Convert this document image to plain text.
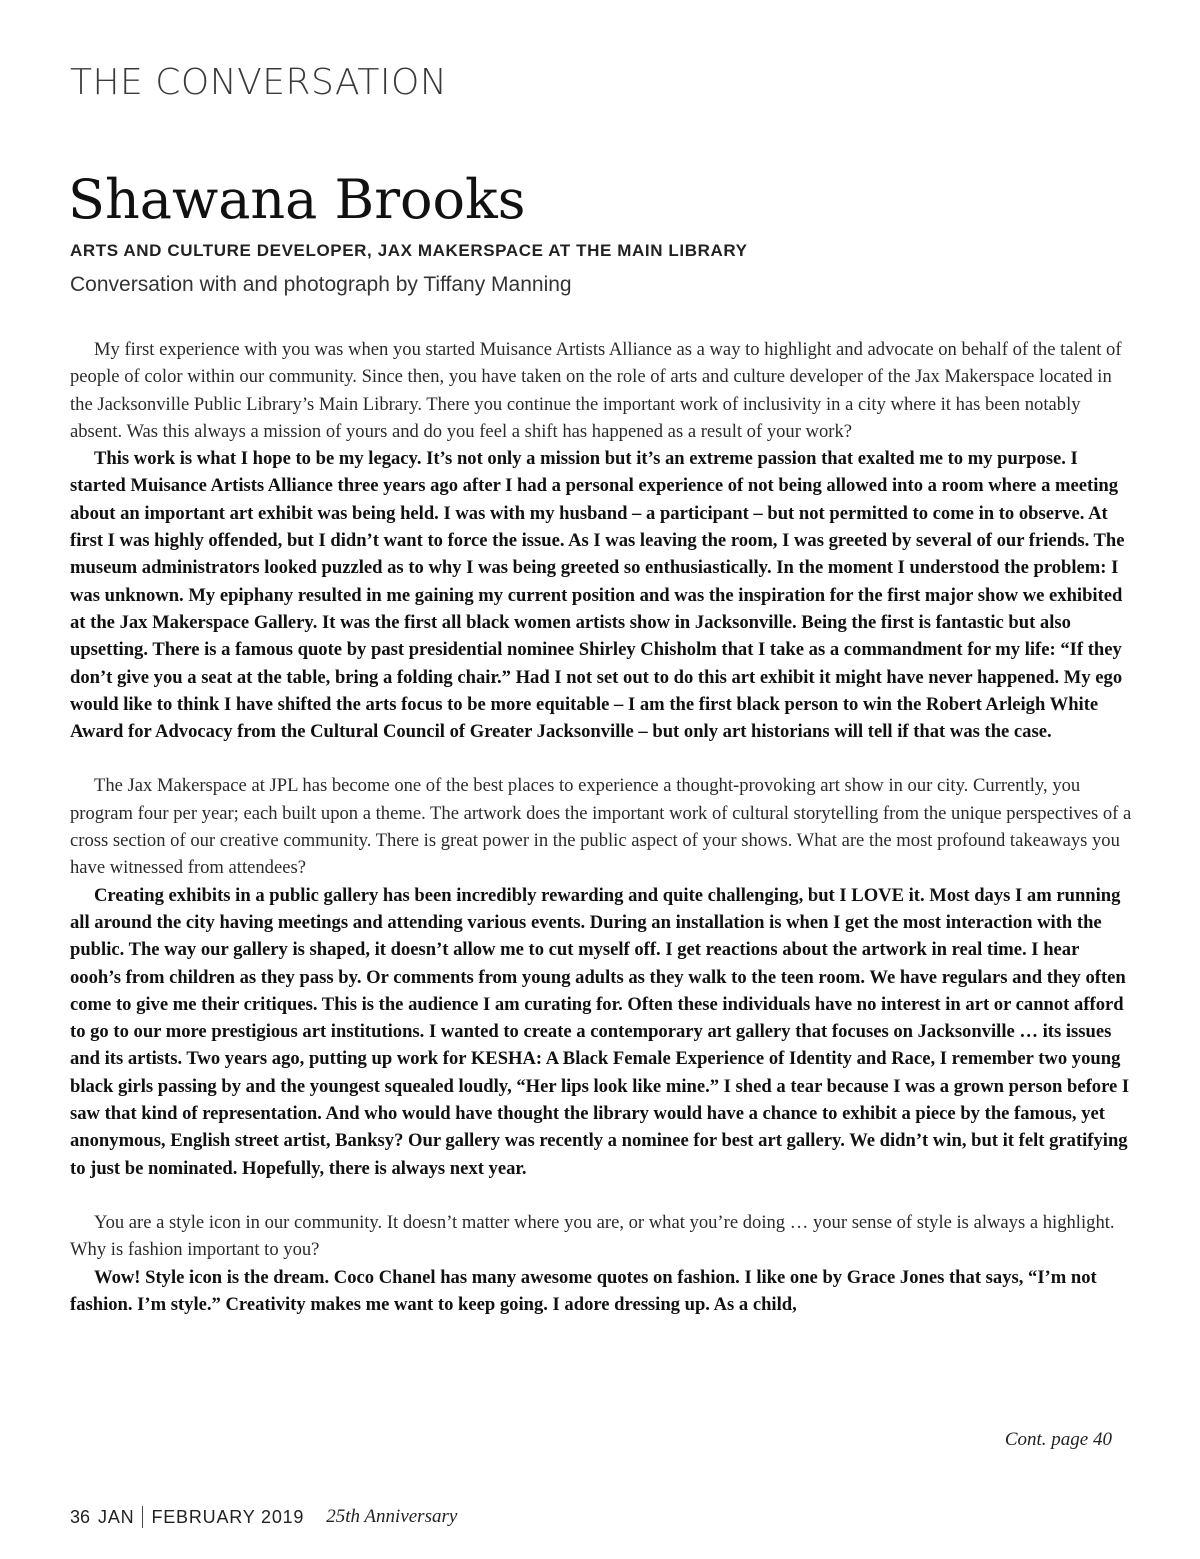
THE CONVERSATION
Shawana Brooks
ARTS AND CULTURE DEVELOPER, JAX MAKERSPACE AT THE MAIN LIBRARY
Conversation with and photograph by Tiffany Manning

My first experience with you was when you started Muisance Artists Alliance as a way to highlight and advocate on behalf of the talent of people of color within our community. Since then, you have taken on the role of arts and culture developer of the Jax Makerspace located in the Jacksonville Public Library’s Main Library. There you continue the important work of inclusivity in a city where it has been notably absent. Was this always a mission of yours and do you feel a shift has happened as a result of your work?

This work is what I hope to be my legacy. It’s not only a mission but it’s an extreme passion that exalted me to my purpose. I started Muisance Artists Alliance three years ago after I had a personal experience of not being allowed into a room where a meeting about an important art exhibit was being held. I was with my husband – a participant – but not permitted to come in to observe. At first I was highly offended, but I didn’t want to force the issue. As I was leaving the room, I was greeted by several of our friends. The museum administrators looked puzzled as to why I was being greeted so enthusiastically. In the moment I understood the problem: I was unknown. My epiphany resulted in me gaining my current position and was the inspiration for the first major show we exhibited at the Jax Makerspace Gallery. It was the first all black women artists show in Jacksonville. Being the first is fantastic but also upsetting. There is a famous quote by past presidential nominee Shirley Chisholm that I take as a commandment for my life: “If they don’t give you a seat at the table, bring a folding chair.” Had I not set out to do this art exhibit it might have never happened. My ego would like to think I have shifted the arts focus to be more equitable – I am the first black person to win the Robert Arleigh White Award for Advocacy from the Cultural Council of Greater Jacksonville – but only art historians will tell if that was the case.

The Jax Makerspace at JPL has become one of the best places to experience a thought-provoking art show in our city. Currently, you program four per year; each built upon a theme. The artwork does the important work of cultural storytelling from the unique perspectives of a cross section of our creative community. There is great power in the public aspect of your shows. What are the most profound takeaways you have witnessed from attendees?

Creating exhibits in a public gallery has been incredibly rewarding and quite challenging, but I LOVE it. Most days I am running all around the city having meetings and attending various events. During an installation is when I get the most interaction with the public. The way our gallery is shaped, it doesn’t allow me to cut myself off. I get reactions about the artwork in real time. I hear oooh’s from children as they pass by. Or comments from young adults as they walk to the teen room. We have regulars and they often come to give me their critiques. This is the audience I am curating for. Often these individuals have no interest in art or cannot afford to go to our more prestigious art institutions. I wanted to create a contemporary art gallery that focuses on Jacksonville … its issues and its artists. Two years ago, putting up work for KESHA: A Black Female Experience of Identity and Race, I remember two young black girls passing by and the youngest squealed loudly, “Her lips look like mine.” I shed a tear because I was a grown person before I saw that kind of representation. And who would have thought the library would have a chance to exhibit a piece by the famous, yet anonymous, English street artist, Banksy? Our gallery was recently a nominee for best art gallery. We didn’t win, but it felt gratifying to just be nominated. Hopefully, there is always next year.

You are a style icon in our community. It doesn’t matter where you are, or what you’re doing … your sense of style is always a highlight. Why is fashion important to you?

Wow! Style icon is the dream. Coco Chanel has many awesome quotes on fashion. I like one by Grace Jones that says, “I’m not fashion. I’m style.” Creativity makes me want to keep going. I adore dressing up. As a child,

Cont. page 40
36 JAN FEBRUARY 2019 25th Anniversary
